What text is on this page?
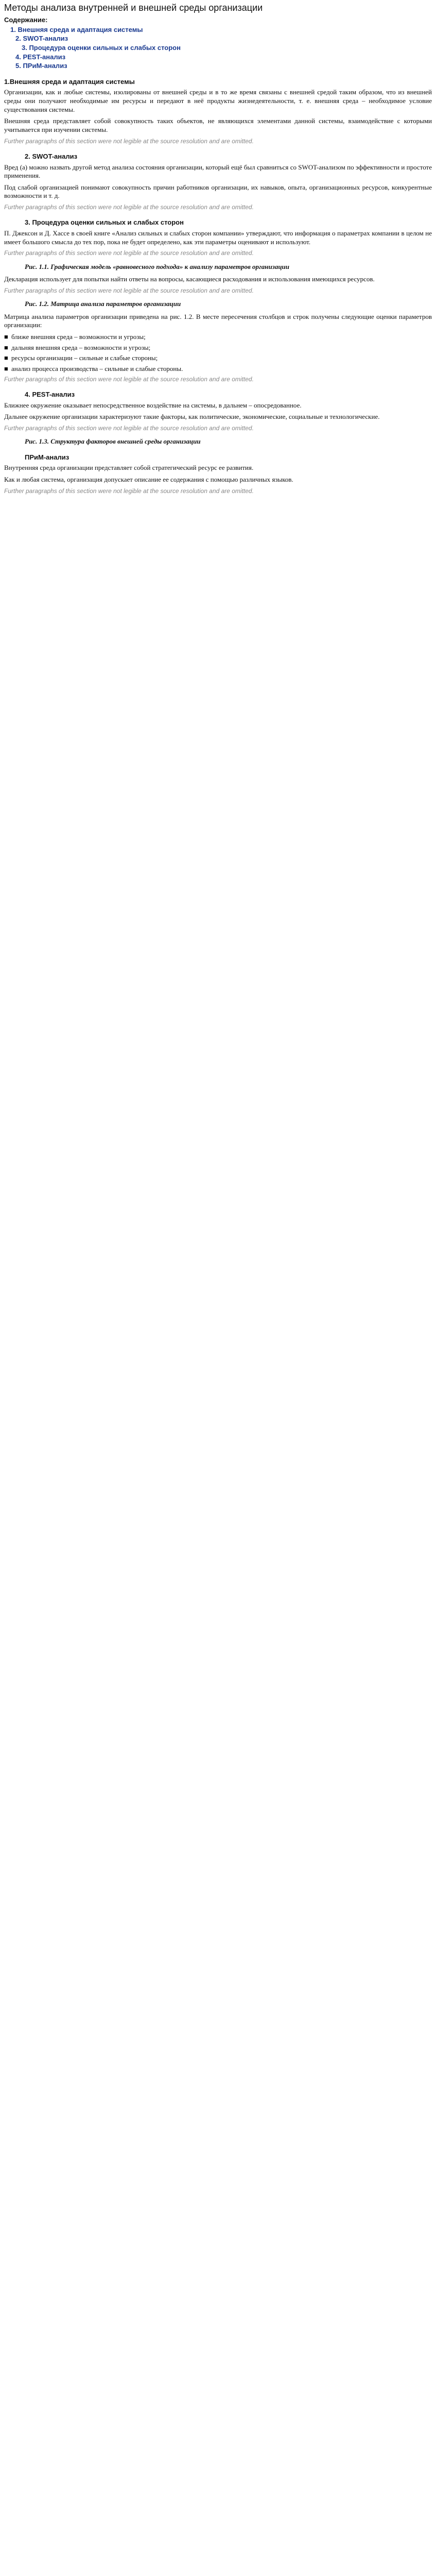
Методы анализа внутренней и внешней среды организации
Содержание:
1. Внешняя среда и адаптация системы
2. SWOT-анализ
3. Процедура оценки сильных и слабых сторон
4. PEST-анализ
5. ПРиМ-анализ
1.Внешняя среда и адаптация системы

Организации, как и любые системы, изолированы от внешней среды и в то же время связаны с внешней средой таким образом, что из внешней среды они получают необходимые им ресурсы и передают в неё продукты жизнедеятельности, т. е. внешняя среда – необходимое условие существования системы.

Внешняя среда представляет собой совокупность таких объектов, не являющихся элементами данной системы, взаимодействие с которыми учитывается при изучении системы.

Further paragraphs of this section were not legible at the source resolution and are omitted.
2. SWOT-анализ

Вред (а) можно назвать другой метод анализа состояния организации, который ещё был сравниться со SWOT-анализом по эффективности и простоте применения.

Под слабой организацией понимают совокупность причин работников организации, их навыков, опыта, организационных ресурсов, конкурентные возможности и т. д.

Further paragraphs of this section were not legible at the source resolution and are omitted.
3. Процедура оценки сильных и слабых сторон

П. Джексон и Д. Хассе в своей книге «Анализ сильных и слабых сторон компании» утверждают, что информация о параметрах компании в целом не имеет большого смысла до тех пор, пока не будет определено, как эти параметры оценивают и используют.

Further paragraphs of this section were not legible at the source resolution and are omitted.
Рис. 1.1. Графическая модель «равновесного подхода» к анализу параметров организации

Декларация использует для попытки найти ответы на вопросы, касающиеся расходования и использования имеющихся ресурсов.

Further paragraphs of this section were not legible at the source resolution and are omitted.
Рис. 1.2. Матрица анализа параметров организации

Матрица анализа параметров организации приведена на рис. 1.2. В месте пересечения столбцов и строк получены следующие оценки параметров организации:

■ ближе внешняя среда – возможности и угрозы;
■ дальняя внешняя среда – возможности и угрозы;
■ ресурсы организации – сильные и слабые стороны;
■ анализ процесса производства – сильные и слабые стороны.
Further paragraphs of this section were not legible at the source resolution and are omitted.
4. PEST-анализ

Ближнее окружение оказывает непосредственное воздействие на системы, в дальнем – опосредованное.

Дальнее окружение организации характеризуют такие факторы, как политические, экономические, социальные и технологические.

Further paragraphs of this section were not legible at the source resolution and are omitted.
Рис. 1.3. Структура факторов внешней среды организации
ПРиМ-анализ

Внутренняя среда организации представляет собой стратегический ресурс ее развития.

Как и любая система, организация допускает описание ее содержания с помощью различных языков.

Further paragraphs of this section were not legible at the source resolution and are omitted.
